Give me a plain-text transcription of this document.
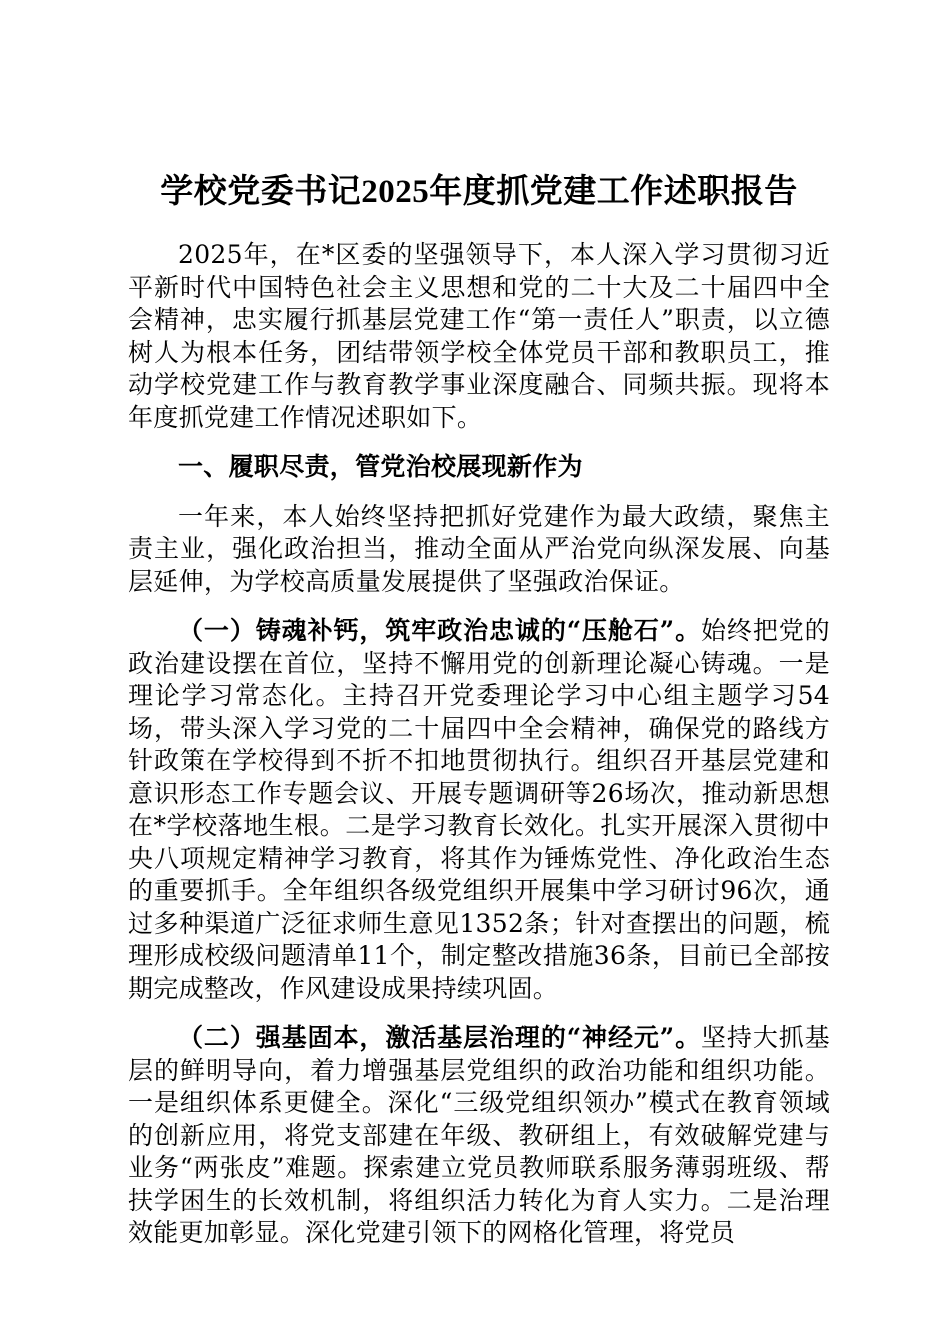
学校党委书记2025年度抓党建工作述职报告

2025年，在*区委的坚强领导下，本人深入学习贯彻习近平新时代中国特色社会主义思想和党的二十大及二十届四中全会精神，忠实履行抓基层党建工作“第一责任人”职责，以立德树人为根本任务，团结带领学校全体党员干部和教职员工，推动学校党建工作与教育教学事业深度融合、同频共振。现将本年度抓党建工作情况述职如下。

一、履职尽责，管党治校展现新作为

一年来，本人始终坚持把抓好党建作为最大政绩，聚焦主责主业，强化政治担当，推动全面从严治党向纵深发展、向基层延伸，为学校高质量发展提供了坚强政治保证。

（一）铸魂补钙，筑牢政治忠诚的“压舱石”。始终把党的政治建设摆在首位，坚持不懈用党的创新理论凝心铸魂。一是理论学习常态化。主持召开党委理论学习中心组主题学习54场，带头深入学习党的二十届四中全会精神，确保党的路线方针政策在学校得到不折不扣地贯彻执行。组织召开基层党建和意识形态工作专题会议、开展专题调研等26场次，推动新思想在*学校落地生根。二是学习教育长效化。扎实开展深入贯彻中央八项规定精神学习教育，将其作为锤炼党性、净化政治生态的重要抓手。全年组织各级党组织开展集中学习研讨96次，通过多种渠道广泛征求师生意见1352条；针对查摆出的问题，梳理形成校级问题清单11个，制定整改措施36条，目前已全部按期完成整改，作风建设成果持续巩固。

（二）强基固本，激活基层治理的“神经元”。坚持大抓基层的鲜明导向，着力增强基层党组织的政治功能和组织功能。一是组织体系更健全。深化“三级党组织领办”模式在教育领域的创新应用，将党支部建在年级、教研组上，有效破解党建与业务“两张皮”难题。探索建立党员教师联系服务薄弱班级、帮扶学困生的长效机制，将组织活力转化为育人实力。二是治理效能更加彰显。深化党建引领下的网格化管理，将党员
